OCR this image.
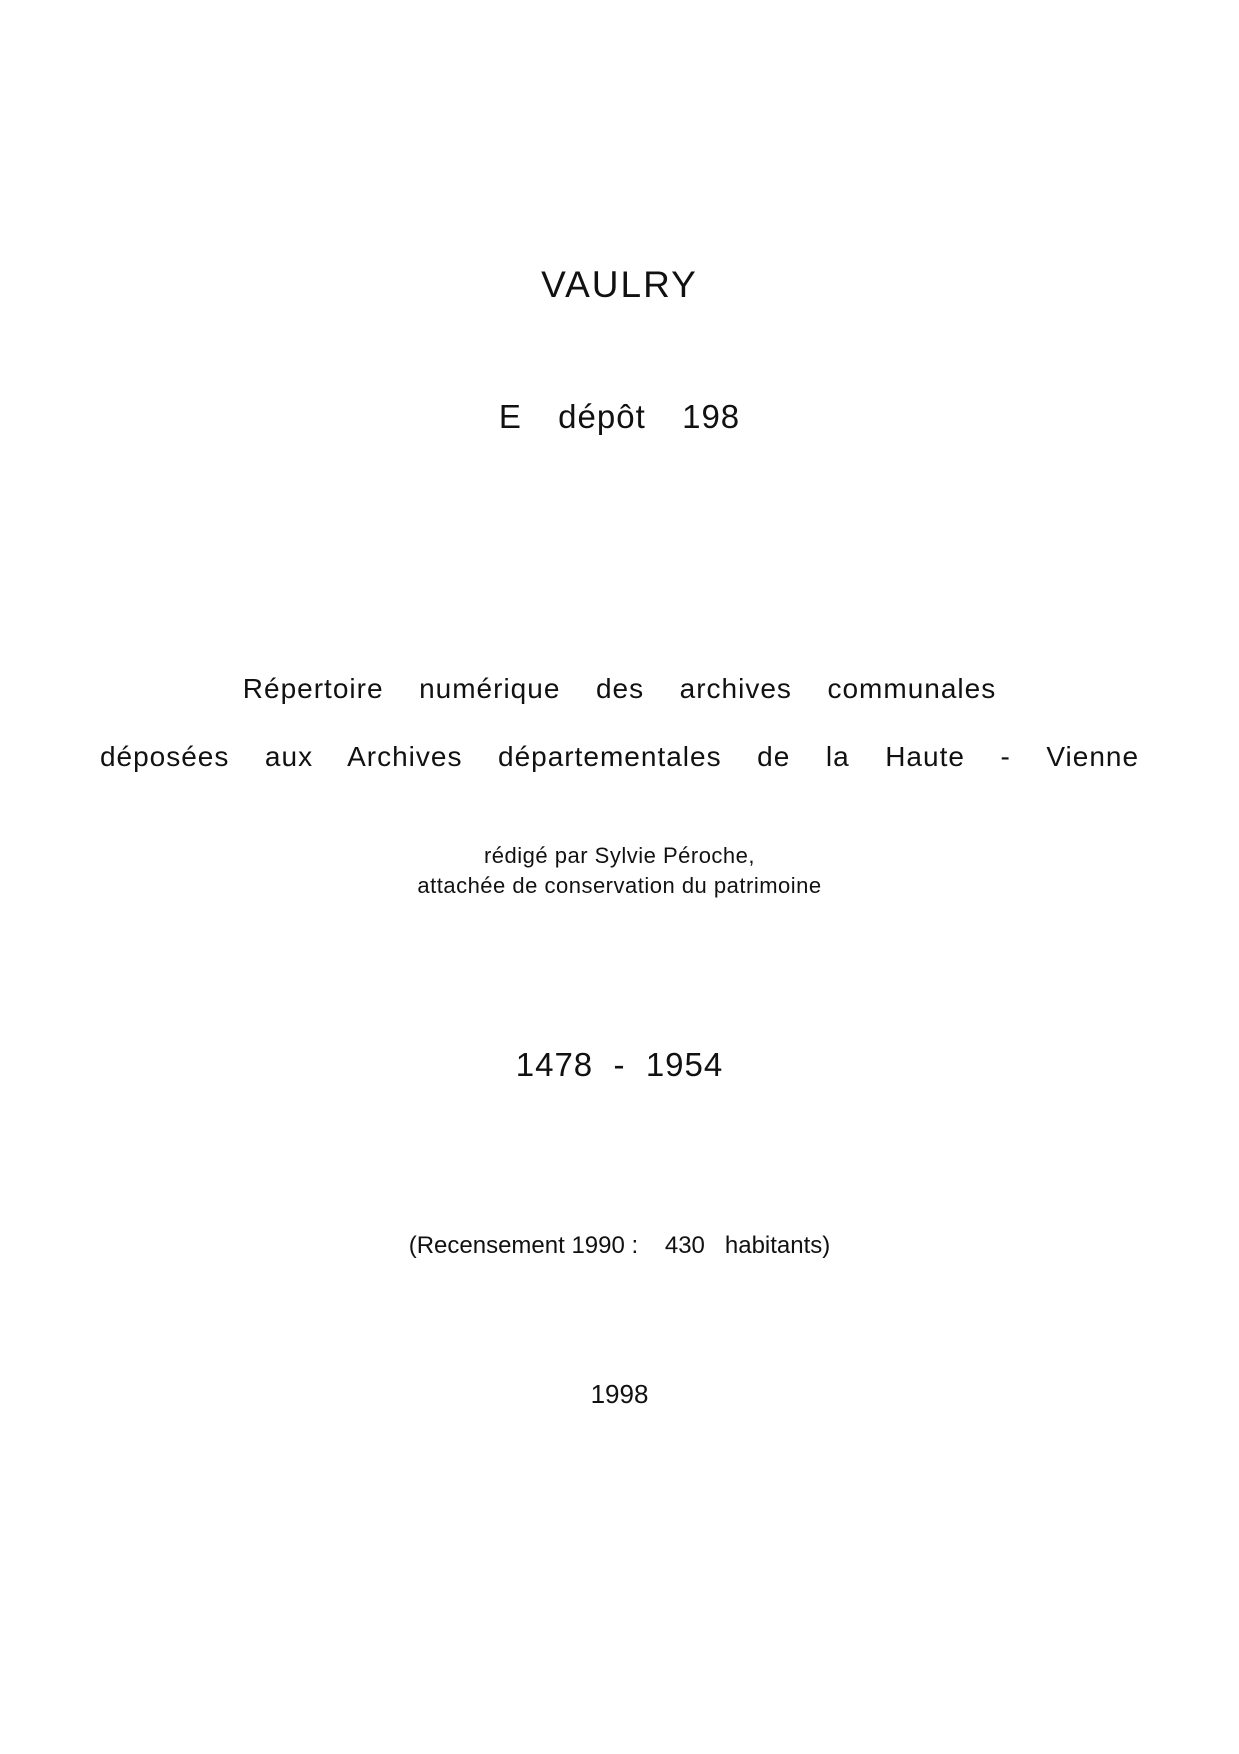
VAULRY

E  dépôt  198

Répertoire  numérique  des  archives  communales

déposées  aux  Archives  départementales  de  la  Haute  -  Vienne

rédigé par Sylvie Péroche,

attachée de conservation du patrimoine

1478  -  1954

(Recensement 1990 :    430   habitants)

1998
